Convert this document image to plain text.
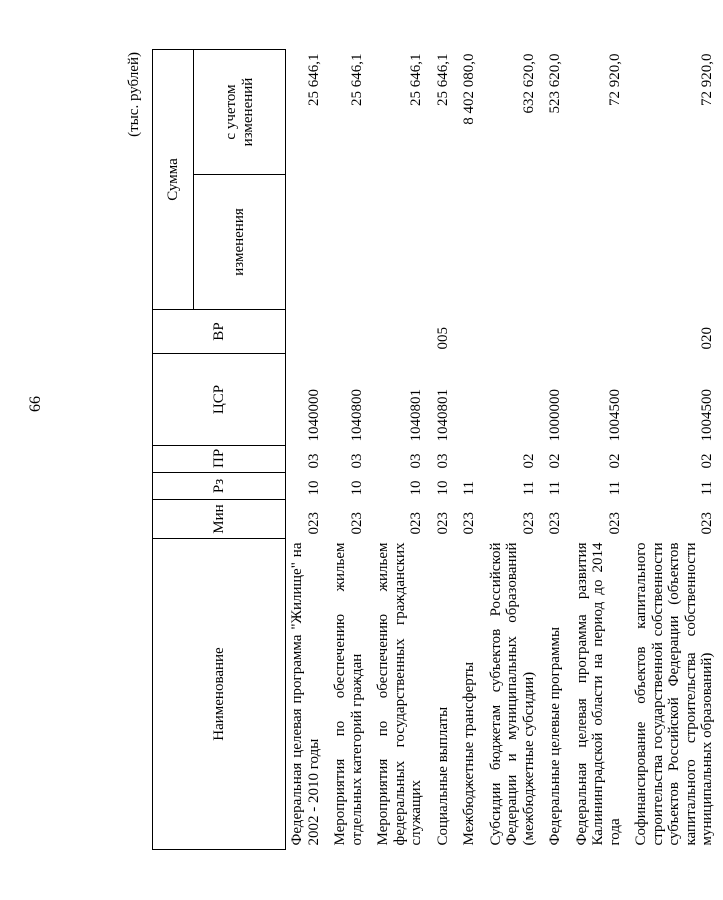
66
(тыс. рублей)
Наименование	Мин	Рз	ПР	ЦСР	ВР	Сумма	
						изменения	с учетом изменений
Федеральная целевая программа "Жилище" на 2002 - 2010 годы	023	10	03	1040000			25 646,1
Мероприятия по обеспечению жильем отдельных категорий граждан	023	10	03	1040800			25 646,1
Мероприятия по обеспечению жильем федеральных государственных гражданских служащих	023	10	03	1040801			25 646,1
Социальные выплаты	023	10	03	1040801	005		25 646,1
Межбюджетные трансферты	023	11					8 402 080,0
Субсидии бюджетам субъектов Российской Федерации и муниципальных образований (межбюджетные субсидии)	023	11	02				632 620,0
Федеральные целевые программы	023	11	02	1000000			523 620,0
Федеральная целевая программа развития Калининградской области на период до 2014 года	023	11	02	1004500			72 920,0
Софинансирование объектов капитального строительства государственной собственности субъектов Российской Федерации (объектов капитального строительства собственности муниципальных образований)	023	11	02	1004500	020		72 920,0
